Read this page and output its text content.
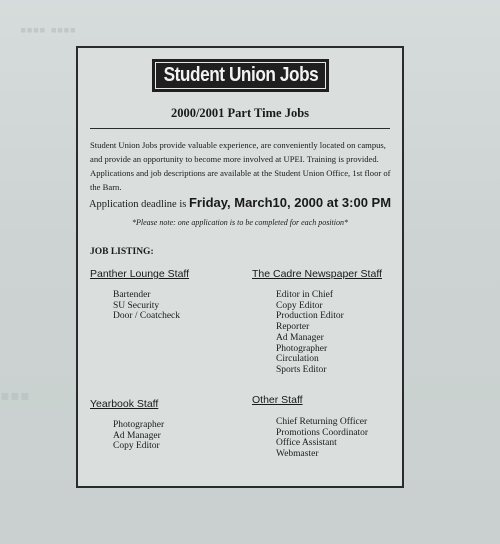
▪▪▪▪ ▪▪▪▪
▪▪▪
Student Union Jobs
2000/2001 Part Time Jobs
Student Union Jobs provide valuable experience, are conveniently located on campus, and provide an opportunity to become more involved at UPEI. Training is provided. Applications and job descriptions are available at the Student Union Office, 1st floor of the Barn.
Application deadline is Friday, March10, 2000 at 3:00 PM
*Please note: one application is to be completed for each position*
JOB LISTING:
Panther Lounge Staff
Bartender
SU Security
Door / Coatcheck
The Cadre Newspaper Staff
Editor in Chief
Copy Editor
Production Editor
Reporter
Ad Manager
Photographer
Circulation
Sports Editor
Yearbook Staff
Photographer
Ad Manager
Copy Editor
Other Staff
Chief Returning Officer
Promotions Coordinator
Office Assistant
Webmaster
